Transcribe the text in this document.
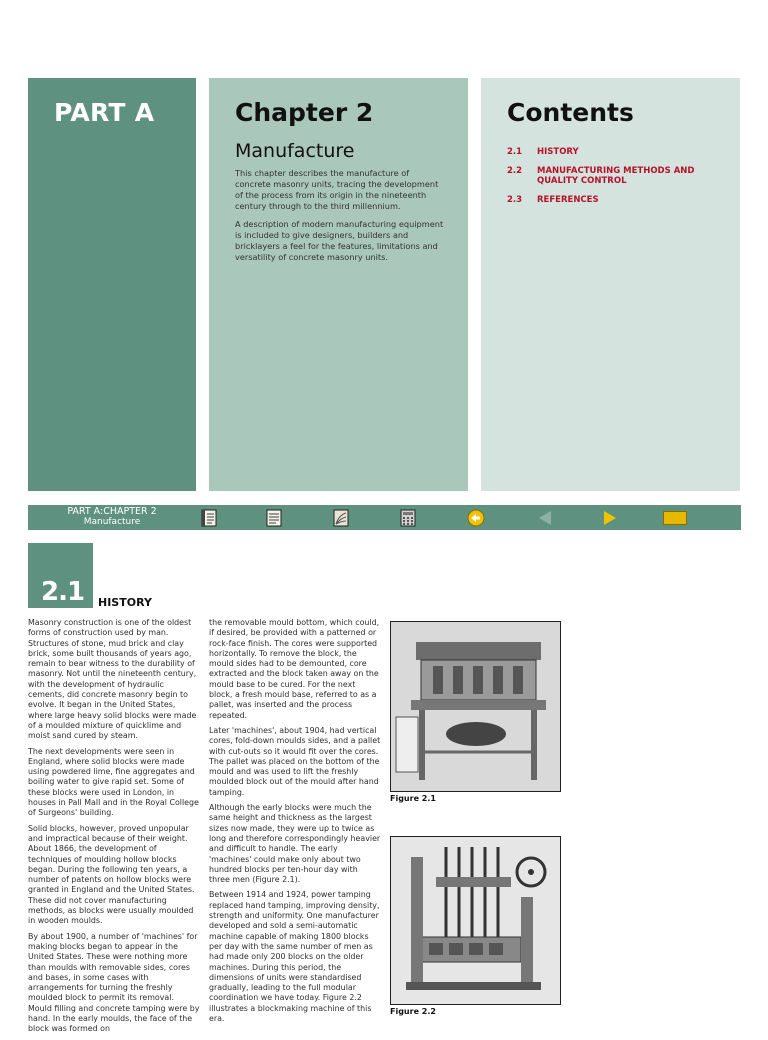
PART A	Chapter 2
Manufacture

This chapter describes the manufacture of concrete masonry units, tracing the development of the process from its origin in the nineteenth century through to the third millennium.

A description of modern manufacturing equipment is included to give designers, builders and bricklayers a feel for the features, limitations and versatility of concrete masonry units.

Contents
2.1	HISTORY
2.2	MANUFACTURING METHODS AND QUALITY CONTROL
2.3	REFERENCES
PART A:CHAPTER 2
Manufacture
2.1 HISTORY

Masonry construction is one of the oldest forms of construction used by man. Structures of stone, mud brick and clay brick, some built thousands of years ago, remain to bear witness to the durability of masonry. Not until the nineteenth century, with the development of hydraulic cements, did concrete masonry begin to evolve. It began in the United States, where large heavy solid blocks were made of a moulded mixture of quicklime and moist sand cured by steam.

The next developments were seen in England, where solid blocks were made using powdered lime, fine aggregates and boiling water to give rapid set. Some of these blocks were used in London, in houses in Pall Mall and in the Royal College of Surgeons' building.

Solid blocks, however, proved unpopular and impractical because of their weight. About 1866, the development of techniques of moulding hollow blocks began. During the following ten years, a number of patents on hollow blocks were granted in England and the United States. These did not cover manufacturing methods, as blocks were usually moulded in wooden moulds.

By about 1900, a number of 'machines' for making blocks began to appear in the United States. These were nothing more than moulds with removable sides, cores and bases, in some cases with arrangements for turning the freshly moulded block to permit its removal. Mould filling and concrete tamping were by hand. In the early moulds, the face of the block was formed on

the removable mould bottom, which could, if desired, be provided with a patterned or rock-face finish. The cores were supported horizontally. To remove the block, the mould sides had to be demounted, core extracted and the block taken away on the mould base to be cured. For the next block, a fresh mould base, referred to as a pallet, was inserted and the process repeated.

Later 'machines', about 1904, had vertical cores, fold-down moulds sides, and a pallet with cut-outs so it would fit over the cores. The pallet was placed on the bottom of the mould and was used to lift the freshly moulded block out of the mould after hand tamping.

Although the early blocks were much the same height and thickness as the largest sizes now made, they were up to twice as long and therefore correspondingly heavier and difficult to handle. The early 'machines' could make only about two hundred blocks per ten-hour day with three men (Figure 2.1).

Between 1914 and 1924, power tamping replaced hand tamping, improving density, strength and uniformity. One manufacturer developed and sold a semi-automatic machine capable of making 1800 blocks per day with the same number of men as had made only 200 blocks on the older machines. During this period, the dimensions of units were standardised gradually, leading to the full modular coordination we have today. Figure 2.2 illustrates a blockmaking machine of this era.

Figure 2.1
Figure 2.2
